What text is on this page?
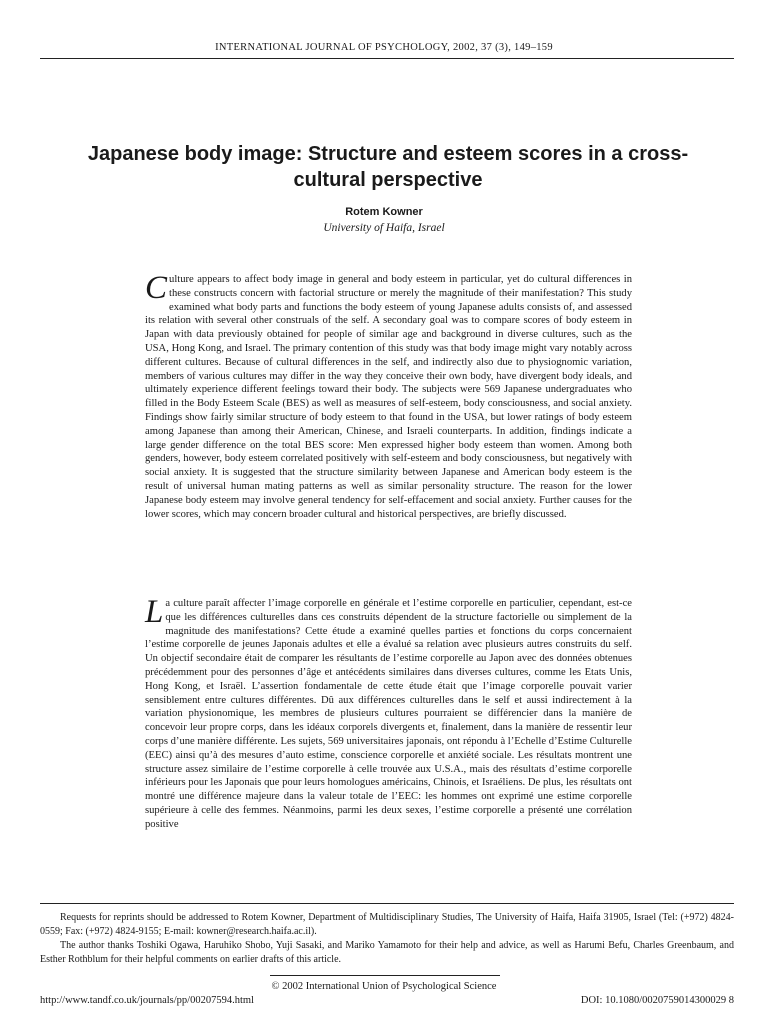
INTERNATIONAL JOURNAL OF PSYCHOLOGY, 2002, 37 (3), 149–159
Japanese body image: Structure and esteem scores in a cross-cultural perspective
Rotem Kowner
University of Haifa, Israel

Culture appears to affect body image in general and body esteem in particular, yet do cultural differences in these constructs concern with factorial structure or merely the magnitude of their manifestation? This study examined what body parts and functions the body esteem of young Japanese adults consists of, and assessed its relation with several other construals of the self. A secondary goal was to compare scores of body esteem in Japan with data previously obtained for people of similar age and background in diverse cultures, such as the USA, Hong Kong, and Israel. The primary contention of this study was that body image might vary notably across different cultures. Because of cultural differences in the self, and indirectly also due to physiognomic variation, members of various cultures may differ in the way they conceive their own body, have divergent body ideals, and ultimately experience different feelings toward their body. The subjects were 569 Japanese undergraduates who filled in the Body Esteem Scale (BES) as well as measures of self-esteem, body consciousness, and social anxiety. Findings show fairly similar structure of body esteem to that found in the USA, but lower ratings of body esteem among Japanese than among their American, Chinese, and Israeli counterparts. In addition, findings indicate a large gender difference on the total BES score: Men expressed higher body esteem than women. Among both genders, however, body esteem correlated positively with self-esteem and body consciousness, but negatively with social anxiety. It is suggested that the structure similarity between Japanese and American body esteem is the result of universal human mating patterns as well as similar personality structure. The reason for the lower Japanese body esteem may involve general tendency for self-effacement and social anxiety. Further causes for the lower scores, which may concern broader cultural and historical perspectives, are briefly discussed.

La culture paraît affecter l’image corporelle en générale et l’estime corporelle en particulier, cependant, est-ce que les différences culturelles dans ces construits dépendent de la structure factorielle ou simplement de la magnitude des manifestations? Cette étude a examiné quelles parties et fonctions du corps concernaient l’estime corporelle de jeunes Japonais adultes et elle a évalué sa relation avec plusieurs autres construits du self. Un objectif secondaire était de comparer les résultants de l’estime corporelle au Japon avec des données obtenues précédemment pour des personnes d’âge et antécédents similaires dans diverses cultures, comme les Etats Unis, Hong Kong, et Israël. L’assertion fondamentale de cette étude était que l’image corporelle pouvait varier sensiblement entre cultures différentes. Dû aux différences culturelles dans le self et aussi indirectement à la variation physionomique, les membres de plusieurs cultures pourraient se différencier dans la manière de concevoir leur propre corps, dans les idéaux corporels divergents et, finalement, dans la manière de ressentir leur corps d’une manière différente. Les sujets, 569 universitaires japonais, ont répondu à l’Echelle d’Estime Culturelle (EEC) ainsi qu’à des mesures d’auto estime, conscience corporelle et anxiété sociale. Les résultats montrent une structure assez similaire de l’estime corporelle à celle trouvée aux U.S.A., mais des résultats d’estime corporelle inférieurs pour les Japonais que pour leurs homologues américains, Chinois, et Israéliens. De plus, les résultats ont montré une différence majeure dans la valeur totale de l’EEC: les hommes ont exprimé une estime corporelle supérieure à celle des femmes. Néanmoins, parmi les deux sexes, l’estime corporelle a présenté une corrélation positive

Requests for reprints should be addressed to Rotem Kowner, Department of Multidisciplinary Studies, The University of Haifa, Haifa 31905, Israel (Tel: (+972) 4824-0559; Fax: (+972) 4824-9155; E-mail: kowner@research.haifa.ac.il).

The author thanks Toshiki Ogawa, Haruhiko Shobo, Yuji Sasaki, and Mariko Yamamoto for their help and advice, as well as Harumi Befu, Charles Greenbaum, and Esther Rothblum for their helpful comments on earlier drafts of this article.

© 2002 International Union of Psychological Science
http://www.tandf.co.uk/journals/pp/00207594.html	DOI: 10.1080/0020759014300029 8
